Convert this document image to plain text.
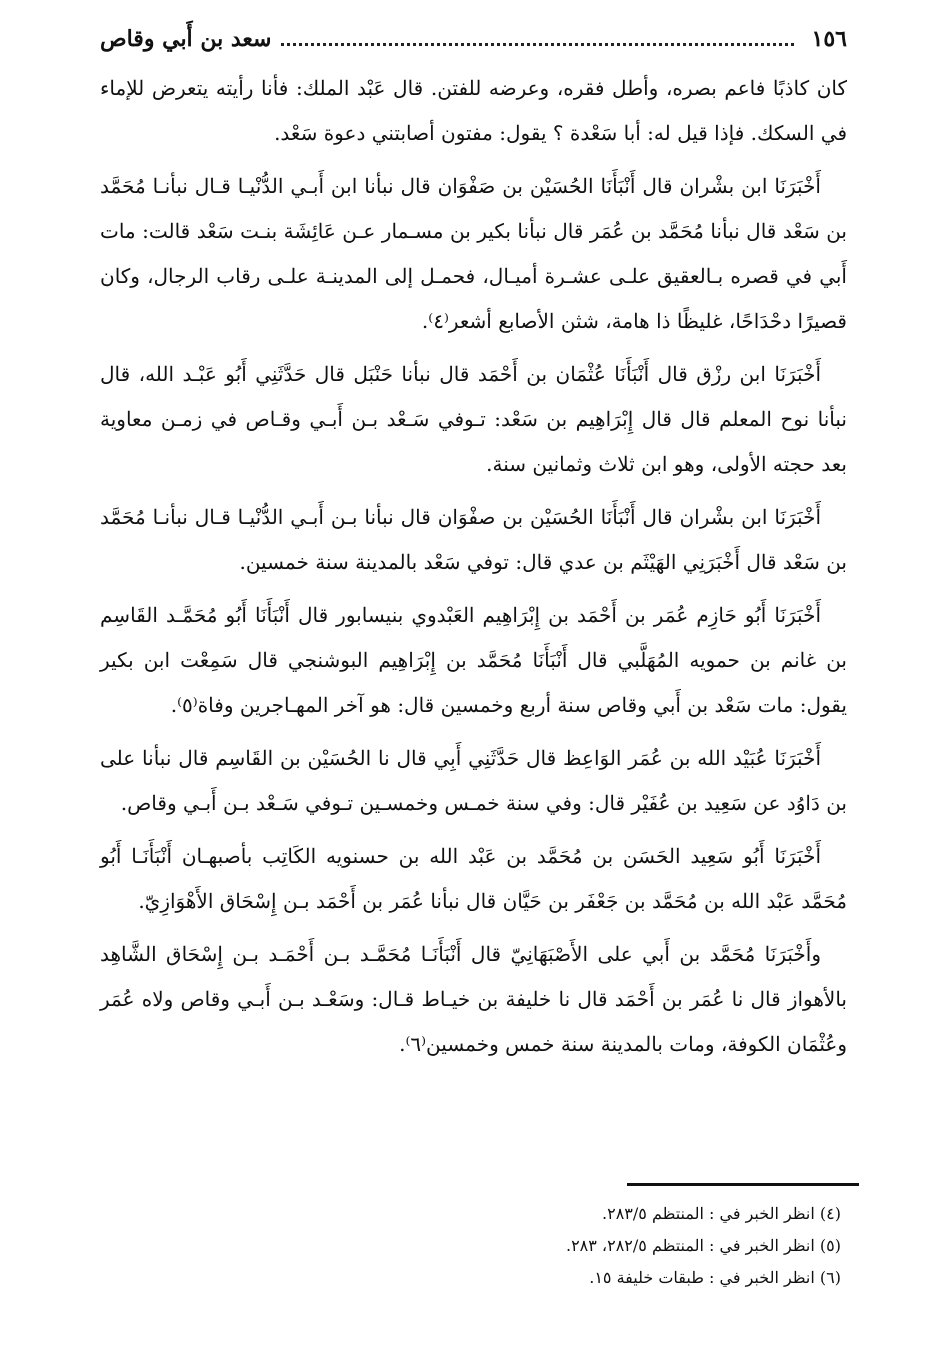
١٥٦
سعد بن أَبي وقاص

كان كاذبًا فاعم بصره، وأطل فقره، وعرضه للفتن. قال عَبْد الملك: فأنا رأيته يتعرض للإماء في السكك. فإذا قيل له: أبا سَعْدة ؟ يقول: مفتون أصابتني دعوة سَعْد.

أَخْبَرَنَا ابن بشْران قال أَنْبَأَنَا الحُسَيْن بن صَفْوَان قال نبأنا ابن أَبـي الدُّنْيـا قـال نبأنـا مُحَمَّد بن سَعْد قال نبأنا مُحَمَّد بن عُمَر قال نبأنا بكير بن مسـمار عـن عَائِشَة بنـت سَعْد قالت: مات أَبي في قصره بـالعقيق علـى عشـرة أميـال، فحمـل إلى المدينـة علـى رقاب الرجال، وكان قصيرًا دحْدَاحًا، غليظًا ذا هامة، شثن الأصابع أشعر⁽٤⁾.

أَخْبَرَنَا ابن رزْق قال أَنْبَأَنَا عُثْمَان بن أَحْمَد قال نبأنا حَنْبَل قال حَدَّثَنِي أَبُو عَبْـد الله، قال نبأنا نوح المعلم قال قال إِبْرَاهِيم بن سَعْد: تـوفي سَـعْد بـن أَبـي وقـاص في زمـن معاوية بعد حجته الأولى، وهو ابن ثلاث وثمانين سنة.

أَخْبَرَنَا ابن بشْران قال أَنْبَأَنَا الحُسَيْن بن صفْوَان قال نبأنا بـن أَبـي الدُّنْيـا قـال نبأنـا مُحَمَّد بن سَعْد قال أَخْبَرَنِي الهَيْثَم بن عدي قال: توفي سَعْد بالمدينة سنة خمسين.

أَخْبَرَنَا أَبُو حَازِم عُمَر بن أَحْمَد بن إِبْرَاهِيم العَبْدوي بنيسابور قال أَنْبَأَنَا أَبُو مُحَمَّـد القَاسِم بن غانم بن حمويه المُهَلَّبي قال أَنْبَأَنَا مُحَمَّد بن إِبْرَاهِيم البوشنجي قال سَمِعْت ابن بكير يقول: مات سَعْد بن أَبي وقاص سنة أربع وخمسين قال: هو آخر المهـاجرين وفاة⁽٥⁾.

أَخْبَرَنَا عُبَيْد الله بن عُمَر الوَاعِظ قال حَدَّثَنِي أَبِي قال نا الحُسَيْن بن القَاسِم قال نبأنا على بن دَاوُد عن سَعِيد بن عُفَيْر قال: وفي سنة خمـس وخمسـين تـوفي سَـعْد بـن أَبـي وقاص.

أَخْبَرَنَا أَبُو سَعِيد الحَسَن بن مُحَمَّد بن عَبْد الله بن حسنويه الكَاتِب بأصبهـان أَنْبَأَنَـا أَبُو مُحَمَّد عَبْد الله بن مُحَمَّد بن جَعْفَر بن حَيَّان قال نبأنا عُمَر بن أَحْمَد بـن إِسْحَاق الأَهْوَازِيّ.

وأَخْبَرَنَا مُحَمَّد بن أَبي على الأَصْبَهَانِيّ قال أَنْبَأَنَـا مُحَمَّـد بـن أَحْمَـد بـن إِسْحَاق الشَّاهِد بالأهواز قال نا عُمَر بن أَحْمَد قال نا خليفة بن خيـاط قـال: وسَعْـد بـن أَبـي وقاص ولاه عُمَر وعُثْمَان الكوفة، ومات بالمدينة سنة خمس وخمسين⁽٦⁾.

(٤) انظر الخبر في : المنتظم ٢٨٣/٥.
(٥) انظر الخبر في : المنتظم ٢٨٢/٥، ٢٨٣.
(٦) انظر الخبر في : طبقات خليفة ١٥.
